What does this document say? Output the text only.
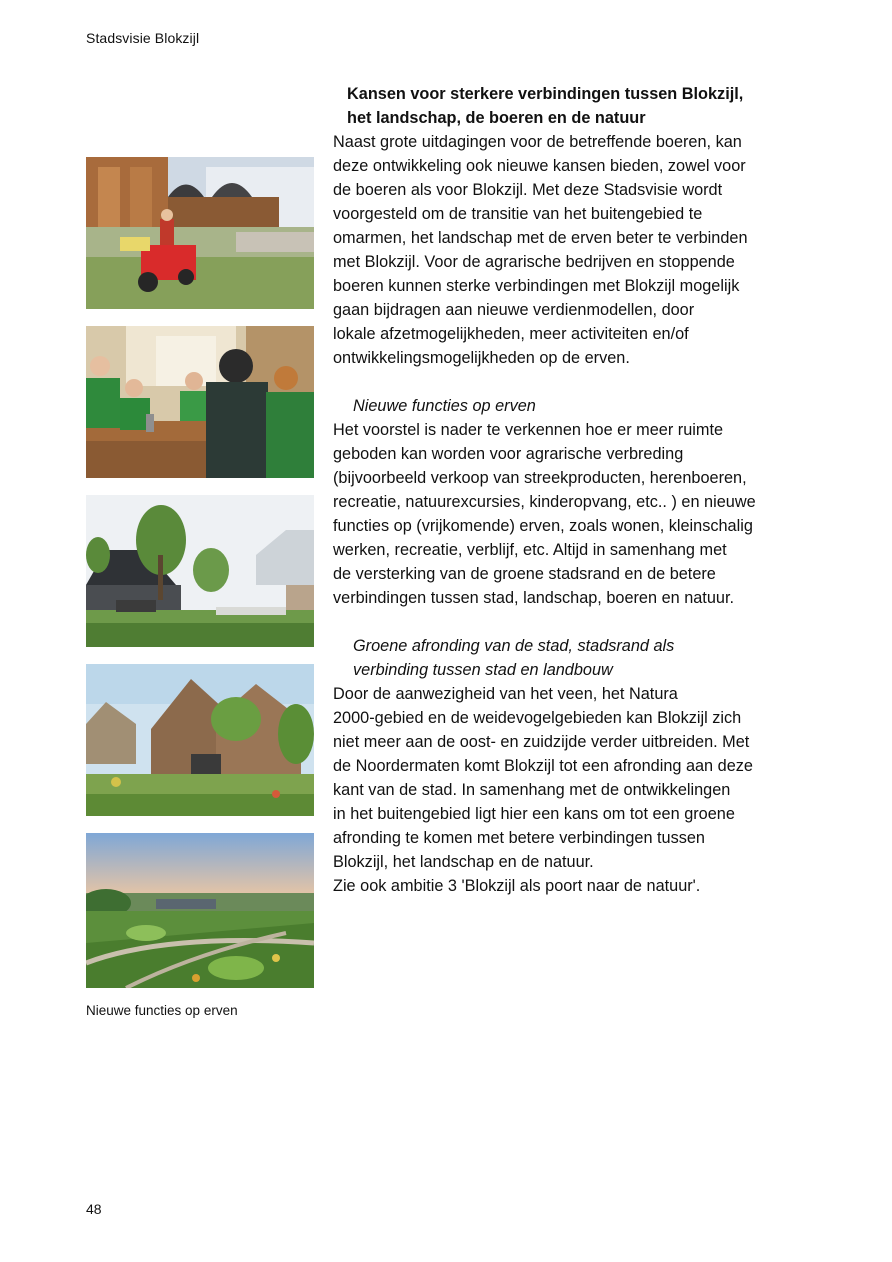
Stadsvisie Blokzijl
Nieuwe functies op erven
Kansen voor sterkere verbindingen tussen Blokzijl,
het landschap, de boeren en de natuur
Naast grote uitdagingen voor de betreffende boeren, kan
deze ontwikkeling ook nieuwe kansen bieden, zowel voor
de boeren als voor Blokzijl. Met deze Stadsvisie wordt
voorgesteld om de transitie van het buitengebied te
omarmen, het landschap met de erven beter te verbinden
met Blokzijl. Voor de agrarische bedrijven en stoppende
boeren kunnen sterke verbindingen met Blokzijl mogelijk
gaan bijdragen aan nieuwe verdienmodellen, door
lokale afzetmogelijkheden, meer activiteiten en/of
ontwikkelingsmogelijkheden op de erven.
Nieuwe functies op erven
Het voorstel is nader te verkennen hoe er meer ruimte
geboden kan worden voor agrarische verbreding
(bijvoorbeeld verkoop van streekproducten, herenboeren,
recreatie, natuurexcursies, kinderopvang, etc.. ) en nieuwe
functies op (vrijkomende) erven, zoals wonen, kleinschalig
werken, recreatie, verblijf, etc. Altijd in samenhang met
de versterking van de groene stadsrand en de betere
verbindingen tussen stad, landschap, boeren en natuur.
Groene afronding van de stad, stadsrand als
verbinding tussen stad en landbouw
Door de aanwezigheid van het veen, het Natura
2000-gebied en de weidevogelgebieden kan Blokzijl zich
niet meer aan de oost- en zuidzijde verder uitbreiden. Met
de Noordermaten komt Blokzijl tot een afronding aan deze
kant van de stad. In samenhang met de ontwikkelingen
in het buitengebied ligt hier een kans om tot een groene
afronding te komen met betere verbindingen tussen
Blokzijl, het landschap en de natuur.
Zie ook ambitie 3 'Blokzijl als poort naar de natuur'.
48
